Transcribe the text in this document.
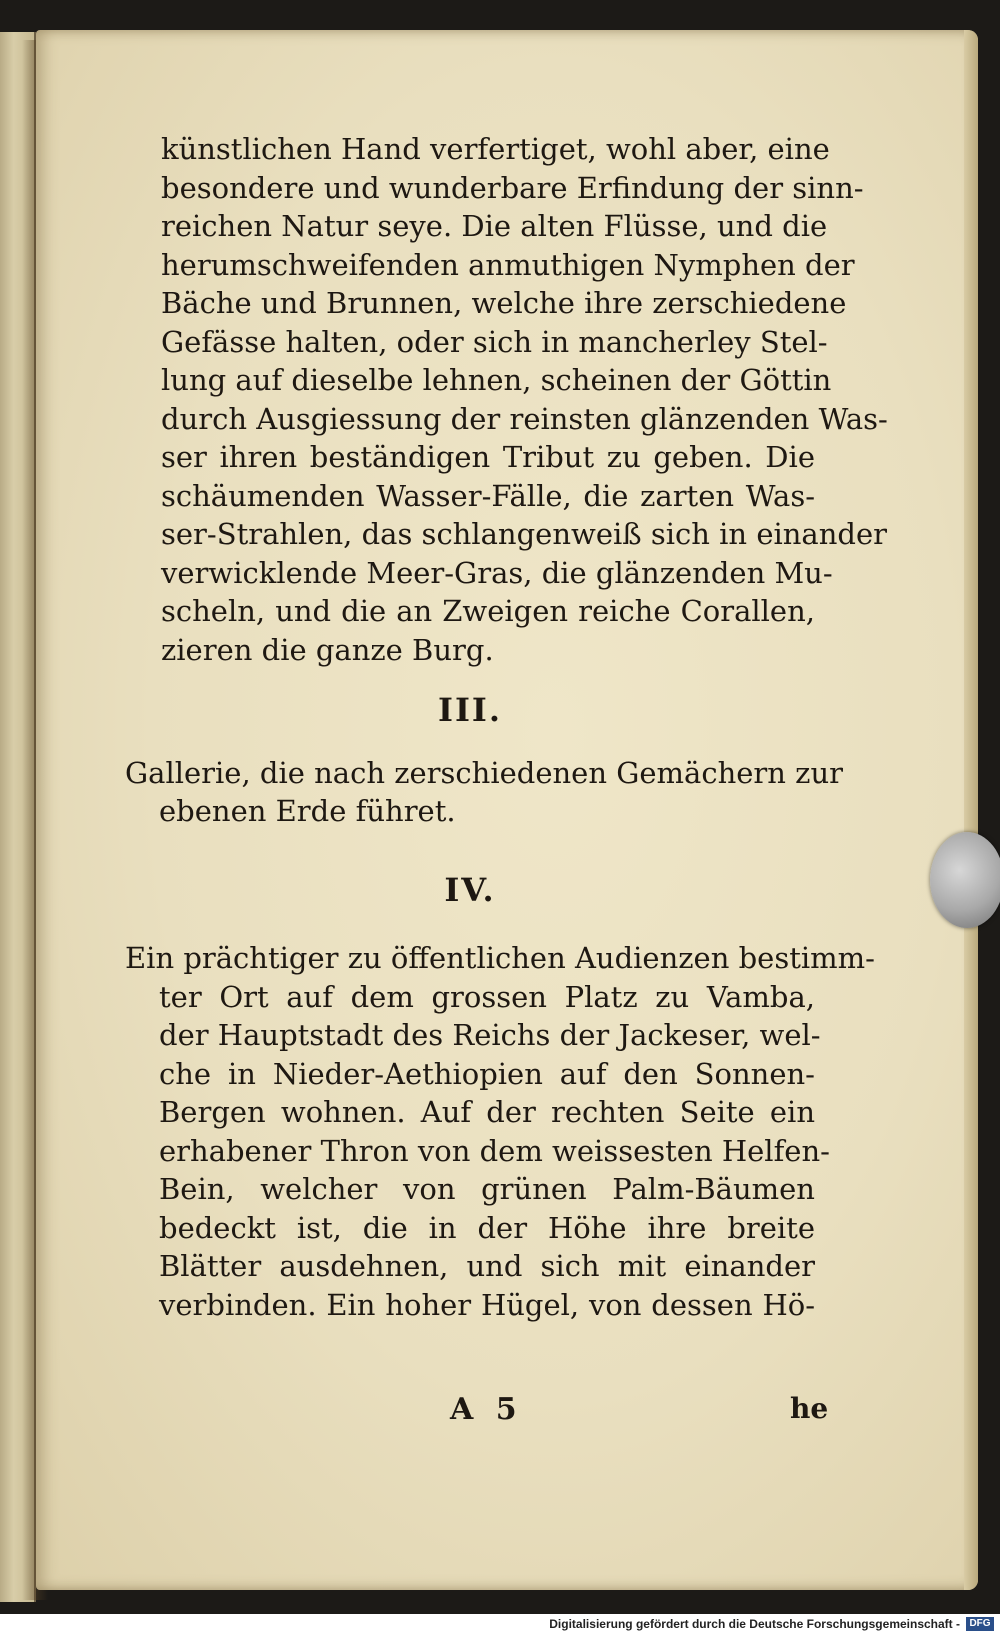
künstlichen Hand verfertiget, wohl aber, eine
besondere und wunderbare Erfindung der sinn-
reichen Natur seye. Die alten Flüsse, und die
herumschweifenden anmuthigen Nymphen der
Bäche und Brunnen, welche ihre zerschiedene
Gefässe halten, oder sich in mancherley Stel-
lung auf dieselbe lehnen, scheinen der Göttin
durch Ausgiessung der reinsten glänzenden Was-
ser ihren beständigen Tribut zu geben. Die
schäumenden Wasser-Fälle, die zarten Was-
ser-Strahlen, das schlangenweiß sich in einander
verwicklende Meer-Gras, die glänzenden Mu-
scheln, und die an Zweigen reiche Corallen,
zieren die ganze Burg.
III.
Gallerie, die nach zerschiedenen Gemächern zur
ebenen Erde führet.
IV.
Ein prächtiger zu öffentlichen Audienzen bestimm-
ter Ort auf dem grossen Platz zu Vamba,
der Hauptstadt des Reichs der Jackeser, wel-
che in Nieder-Aethiopien auf den Sonnen-
Bergen wohnen. Auf der rechten Seite ein
erhabener Thron von dem weissesten Helfen-
Bein, welcher von grünen Palm-Bäumen
bedeckt ist, die in der Höhe ihre breite
Blätter ausdehnen, und sich mit einander
verbinden. Ein hoher Hügel, von dessen Hö-
A 5	he
Digitalisierung gefördert durch die Deutsche Forschungsgemeinschaft - DFG
